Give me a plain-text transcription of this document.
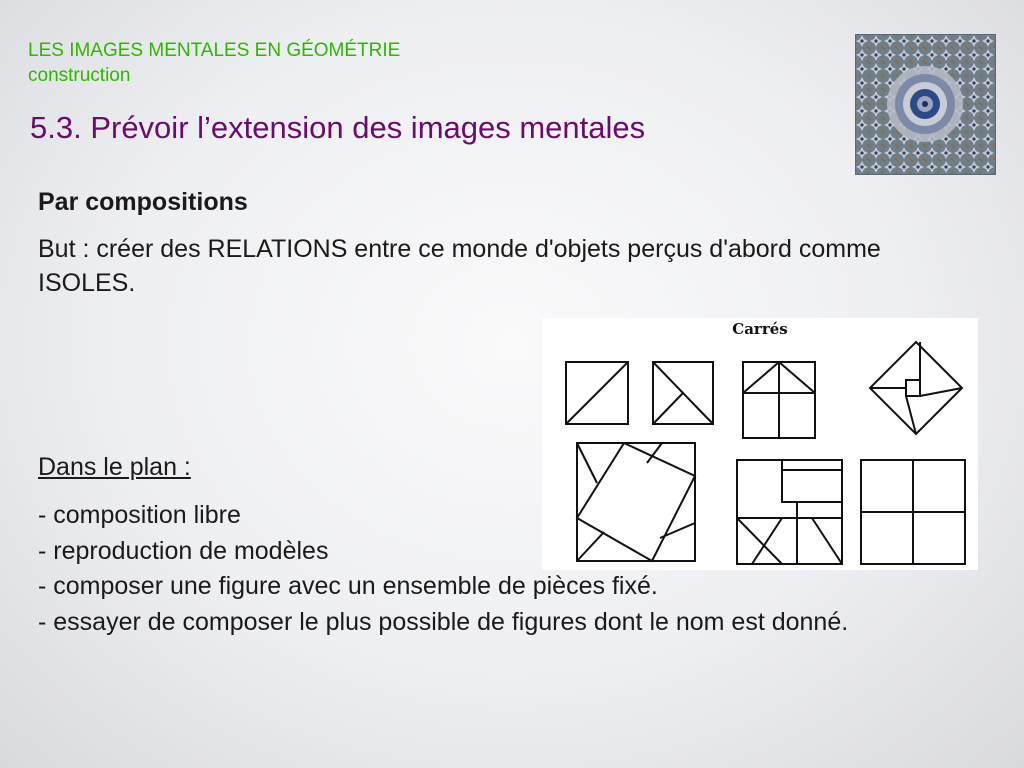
LES IMAGES MENTALES EN GÉOMÉTRIE
construction
5.3. Prévoir l’extension des images mentales
Par compositions
But : créer des RELATIONS entre ce monde d'objets perçus d'abord comme ISOLES.
Carrés
Dans le plan :
- composition libre
- reproduction de modèles
- composer une figure avec un ensemble de pièces fixé.
- essayer de composer le plus possible de figures dont le nom est donné.
